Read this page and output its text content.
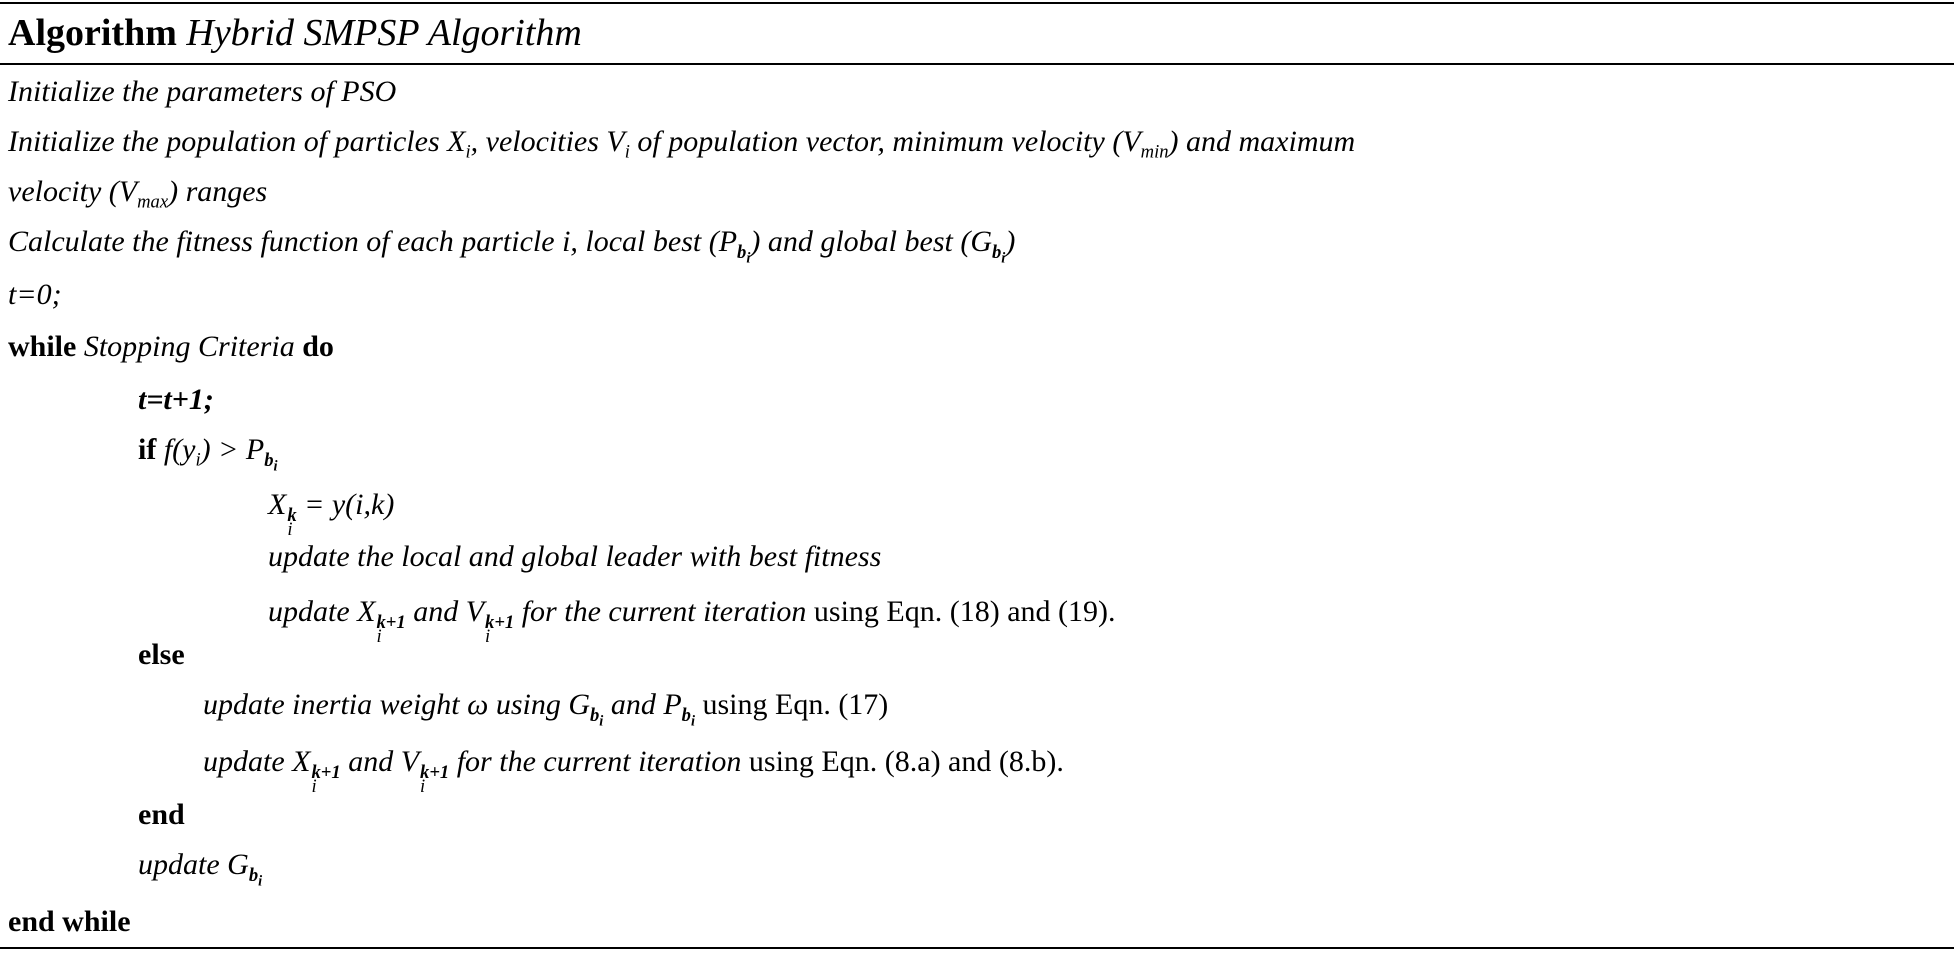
Algorithm Hybrid SMPSP Algorithm
Initialize the parameters of PSO
Initialize the population of particles $X_i$, velocities $V_i$ of population vector, minimum velocity $(V_{min})$ and maximum
velocity $(V_{max})$ ranges
Calculate the fitness function of each particle i, local best $(P_{b_i})$ and global best $(G_{b_i})$
t=0;
while Stopping Criteria do
t=t+1;
if $f(y_i) > P_{b_i}$
X k
i
= y(i,k)
update the local and global leader with best fitness
update X k+1
i
and V k+1
i
for the current iteration using Eqn. (18) and (19).
else
update inertia weight ω using $G_{b_i}$ and $P_{b_i}$ using Eqn. (17)
update X k+1
i
and V k+1
i
for the current iteration using Eqn. (8.a) and (8.b).
end
update $G_{b_i}$
end while
